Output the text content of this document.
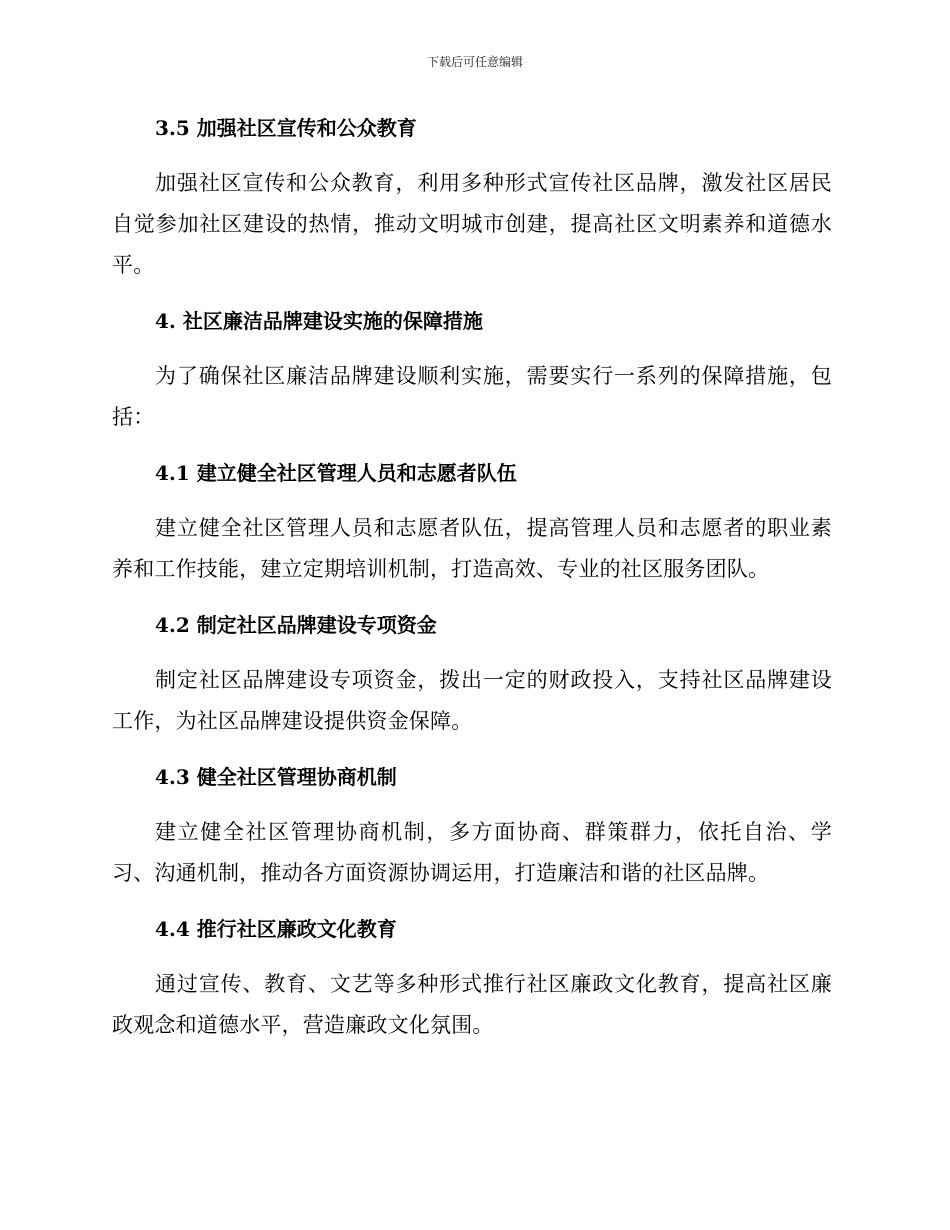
下载后可任意编辑
3.5 加强社区宣传和公众教育

加强社区宣传和公众教育，利用多种形式宣传社区品牌，激发社区居民自觉参加社区建设的热情，推动文明城市创建，提高社区文明素养和道德水平。

4. 社区廉洁品牌建设实施的保障措施

为了确保社区廉洁品牌建设顺利实施，需要实行一系列的保障措施，包括：

4.1 建立健全社区管理人员和志愿者队伍

建立健全社区管理人员和志愿者队伍，提高管理人员和志愿者的职业素养和工作技能，建立定期培训机制，打造高效、专业的社区服务团队。

4.2 制定社区品牌建设专项资金

制定社区品牌建设专项资金，拨出一定的财政投入，支持社区品牌建设工作，为社区品牌建设提供资金保障。

4.3 健全社区管理协商机制

建立健全社区管理协商机制，多方面协商、群策群力，依托自治、学习、沟通机制，推动各方面资源协调运用，打造廉洁和谐的社区品牌。

4.4 推行社区廉政文化教育

通过宣传、教育、文艺等多种形式推行社区廉政文化教育，提高社区廉政观念和道德水平，营造廉政文化氛围。
